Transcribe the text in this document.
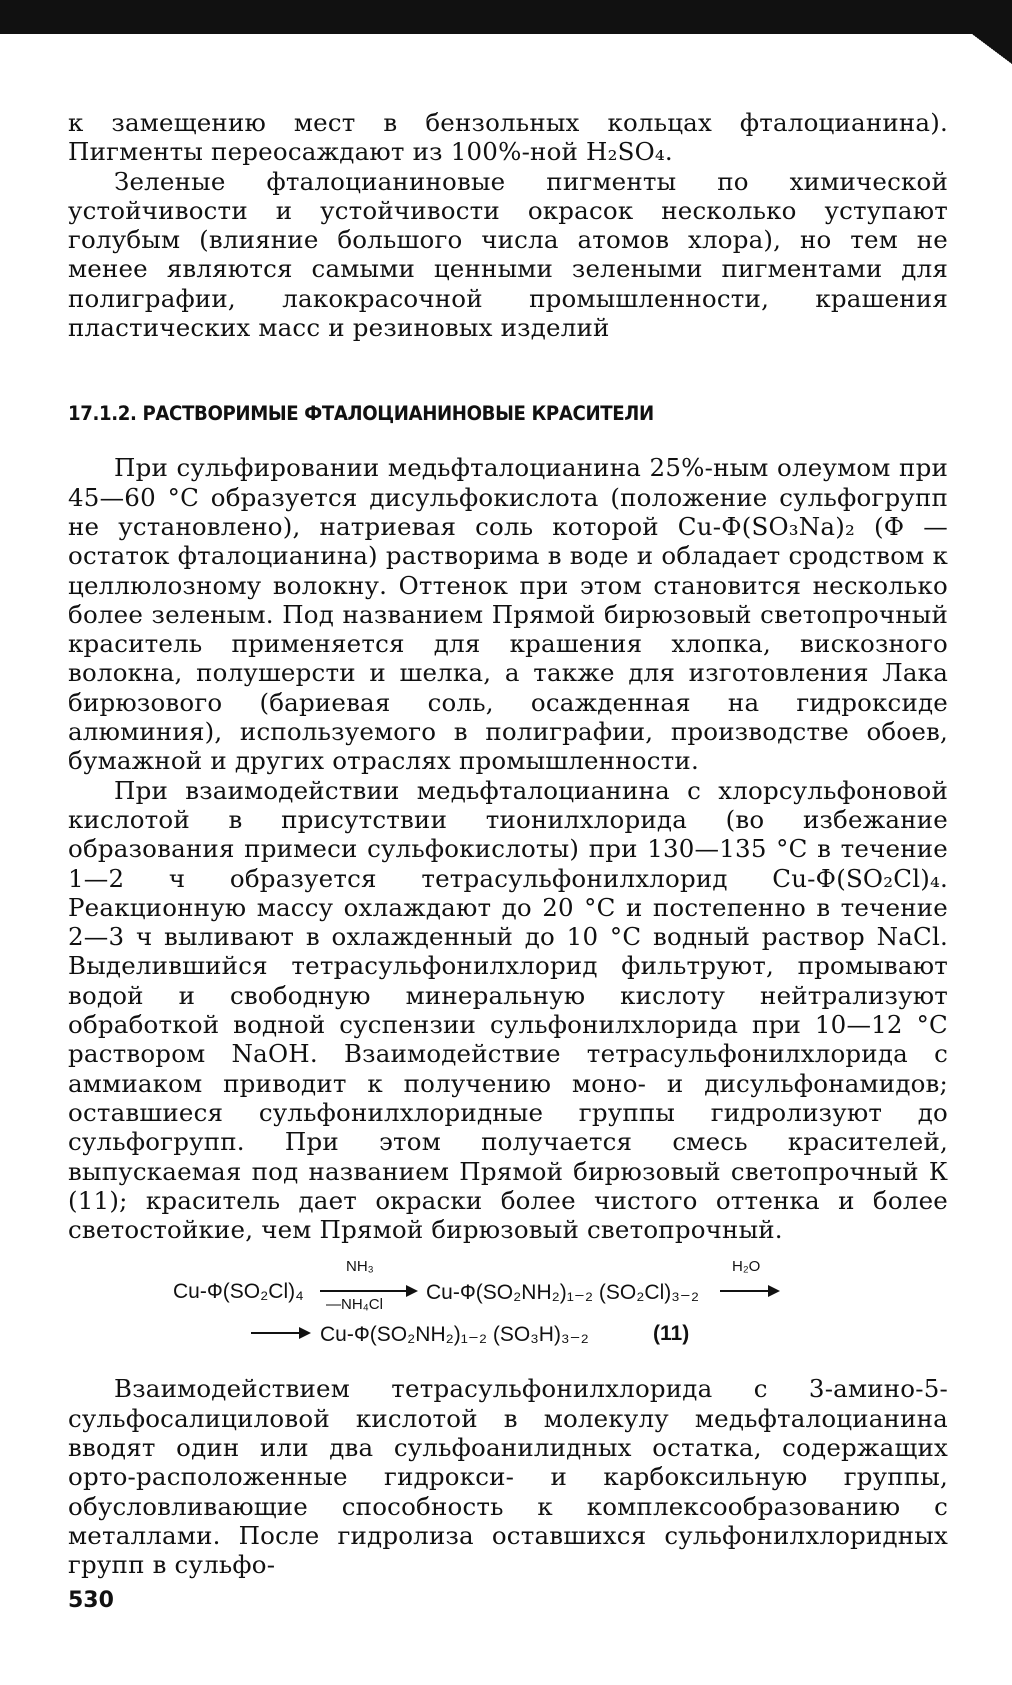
к замещению мест в бензольных кольцах фталоцианина). Пигменты переосаждают из 100%-ной H₂SO₄.

Зеленые фталоцианиновые пигменты по химической устойчивости и устойчивости окрасок несколько уступают голубым (влияние большого числа атомов хлора), но тем не менее являются самыми ценными зелеными пигментами для полиграфии, лакокрасочной промышленности, крашения пластических масс и резиновых изделий

17.1.2. РАСТВОРИМЫЕ ФТАЛОЦИАНИНОВЫЕ КРАСИТЕЛИ

При сульфировании медьфталоцианина 25%-ным олеумом при 45—60 °С образуется дисульфокислота (положение сульфогрупп не установлено), натриевая соль которой Cu-Ф(SO₃Na)₂ (Ф — остаток фталоцианина) растворима в воде и обладает сродством к целлюлозному волокну. Оттенок при этом становится несколько более зеленым. Под названием Прямой бирюзовый светопрочный краситель применяется для крашения хлопка, вискозного волокна, полушерсти и шелка, а также для изготовления Лака бирюзового (бариевая соль, осажденная на гидроксиде алюминия), используемого в полиграфии, производстве обоев, бумажной и других отраслях промышленности.

При взаимодействии медьфталоцианина с хлорсульфоновой кислотой в присутствии тионилхлорида (во избежание образования примеси сульфокислоты) при 130—135 °С в течение 1—2 ч образуется тетрасульфонилхлорид Cu-Ф(SO₂Cl)₄. Реакционную массу охлаждают до 20 °С и постепенно в течение 2—3 ч выливают в охлажденный до 10 °С водный раствор NaCl. Выделившийся тетрасульфонилхлорид фильтруют, промывают водой и свободную минеральную кислоту нейтрализуют обработкой водной суспензии сульфонилхлорида при 10—12 °С раствором NaOH. Взаимодействие тетрасульфонилхлорида с аммиаком приводит к получению моно- и дисульфонамидов; оставшиеся сульфонилхлоридные группы гидролизуют до сульфогрупп. При этом получается смесь красителей, выпускаемая под названием Прямой бирюзовый светопрочный К (11); краситель дает окраски более чистого оттенка и более светостойкие, чем Прямой бирюзовый светопрочный.

Cu-Ф(SO₂Cl)₄
NH₃
—NH₄Cl
Cu-Ф(SO₂NH₂)₁₋₂ (SO₂Cl)₃₋₂
H₂O
Cu-Ф(SO₂NH₂)₁₋₂ (SO₃H)₃₋₂	(11)

Взаимодействием тетрасульфонилхлорида с 3-амино-5-сульфосалициловой кислотой в молекулу медьфталоцианина вводят один или два сульфоанилидных остатка, содержащих орто-расположенные гидрокси- и карбоксильную группы, обусловливающие способность к комплексообразованию с металлами. После гидролиза оставшихся сульфонилхлоридных групп в сульфо-

530
